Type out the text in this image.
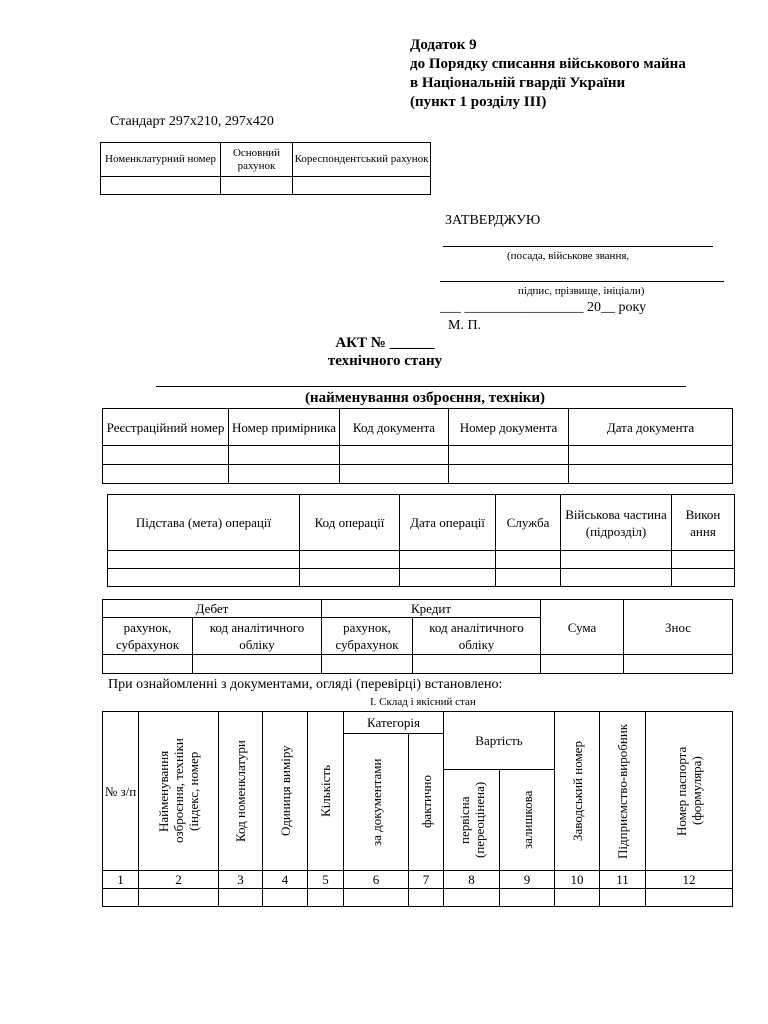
Додаток 9
до Порядку списання військового майна
в Національній гвардії України
(пункт 1 розділу ІІІ)
Стандарт 297х210, 297х420
Номенклатурний номер	Основний рахунок	Кореспондентський рахунок

ЗАТВЕРДЖУЮ
(посада, військове звання,
підпис, прізвище, ініціали)
___ _________________ 20__ року
М. П.
АКТ № ______
технічного стану
(найменування озброєння, техніки)
Реєстраційний номер	Номер примірника	Код документа	Номер документа	Дата документа

Підстава (мета) операції	Код операції	Дата операції	Служба	Військова частина (підрозділ)	Викон ання

Дебет		Кредит		Сума	Знос
рахунок, субрахунок	код аналітичного обліку	рахунок, субрахунок	код аналітичного обліку		

При ознайомленні з документами, огляді (перевірці) встановлено:
I. Склад і якісний стан
№ з/п	Найменування озброєння, техніки (індекс, номер	Код номенклатури	Одиниця виміру	Кількість	Категорія		Вартість		Заводський номер	Підприємство-виробник	Номер паспорта (формуляра)

					за документами	фактично					

							первісна (переоцінена)	залишкова			

1	2	3	4	5	6	7	8	9	10	11	12
